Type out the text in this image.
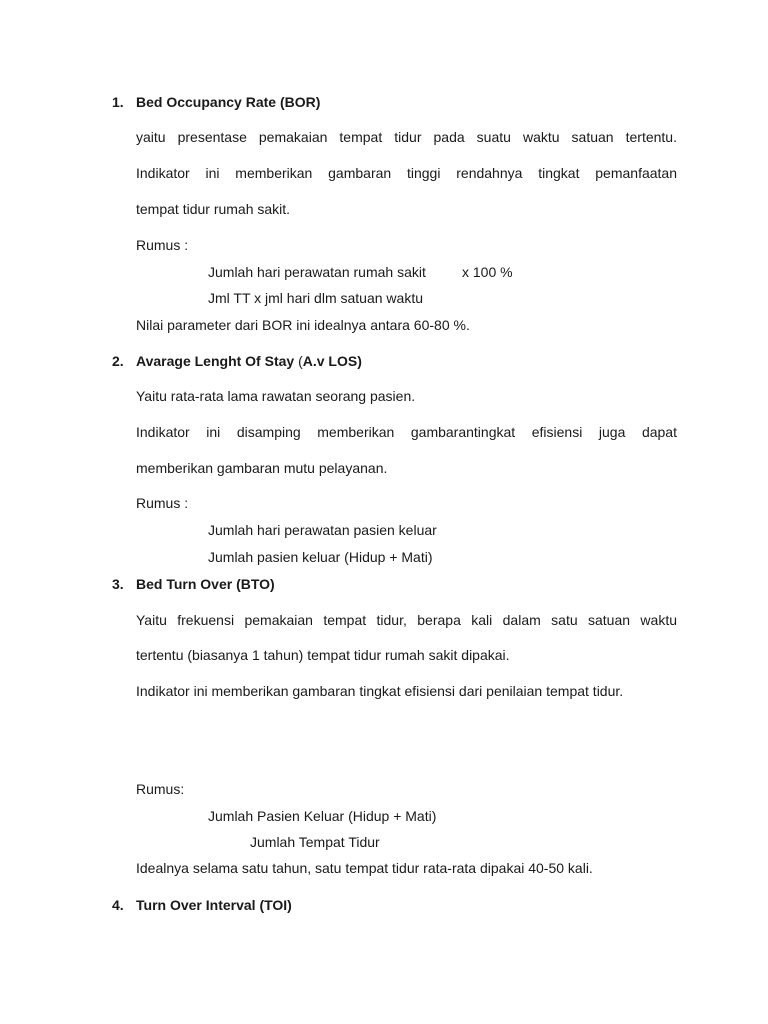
1. Bed Occupancy Rate (BOR)
yaitu presentase pemakaian tempat tidur pada suatu waktu satuan tertentu.
Indikator ini memberikan gambaran tinggi rendahnya tingkat pemanfaatan
tempat tidur rumah sakit.
Rumus :
Jumlah hari perawatan rumah sakit	x 100 %
Jml TT x jml hari dlm satuan waktu
Nilai parameter dari BOR ini idealnya antara 60-80 %.
2. Avarage Lenght Of Stay (A.v LOS)
Yaitu rata-rata lama rawatan seorang pasien.
Indikator ini disamping memberikan gambarantingkat efisiensi juga dapat
memberikan gambaran mutu pelayanan.
Rumus :
Jumlah hari perawatan pasien keluar
Jumlah pasien keluar (Hidup + Mati)
3. Bed Turn Over (BTO)
Yaitu frekuensi pemakaian tempat tidur, berapa kali dalam satu satuan waktu
tertentu (biasanya 1 tahun) tempat tidur rumah sakit dipakai.
Indikator ini memberikan gambaran tingkat efisiensi dari penilaian tempat tidur.
Rumus:
Jumlah Pasien Keluar (Hidup + Mati)
Jumlah Tempat Tidur
Idealnya selama satu tahun, satu tempat tidur rata-rata dipakai 40-50 kali.
4. Turn Over Interval (TOI)
